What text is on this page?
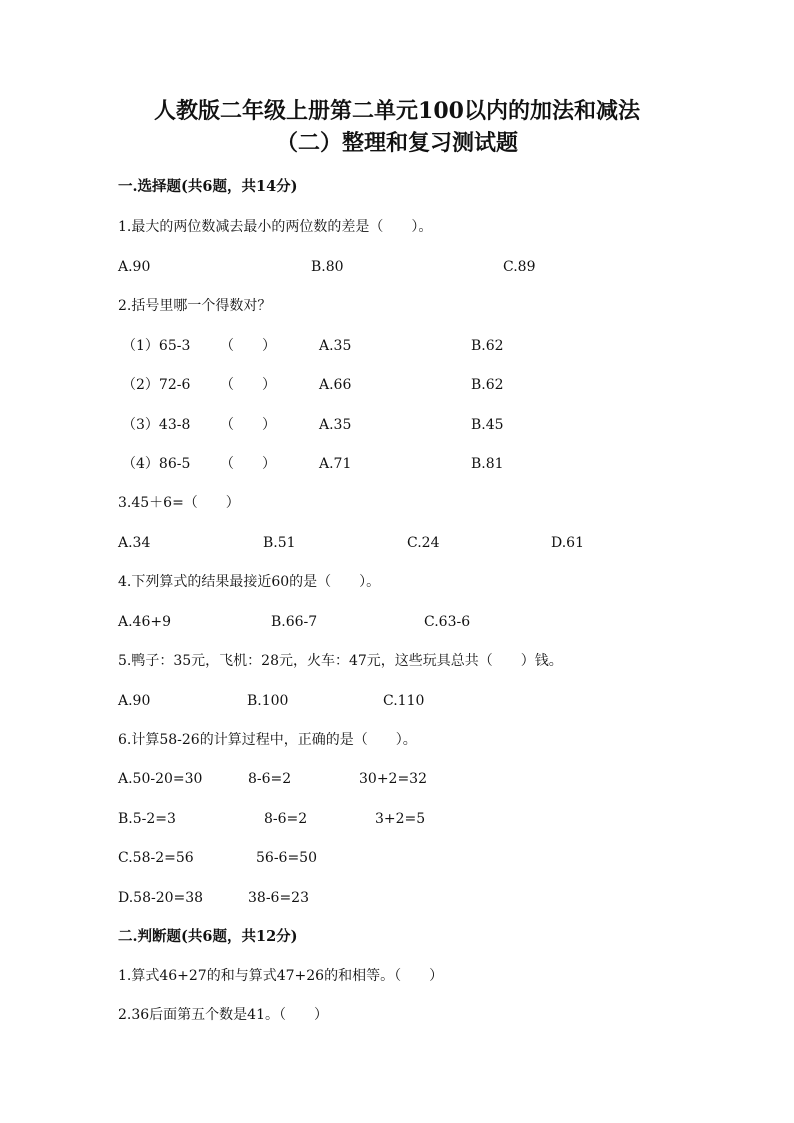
人教版二年级上册第二单元100以内的加法和减法
（二）整理和复习测试题
一.选择题(共6题，共14分)
1.最大的两位数减去最小的两位数的差是（　　）。
A.90	B.80	C.89
2.括号里哪一个得数对？
（1）65-3 （　　）	A.35	B.62
（2）72-6 （　　）	A.66	B.62
（3）43-8 （　　）	A.35	B.45
（4）86-5 （　　）	A.71	B.81
3.45＋6=（　　）
A.34	B.51	C.24	D.61
4.下列算式的结果最接近60的是（　　）。
A.46+9	B.66-7	C.63-6
5.鸭子：35元，飞机：28元，火车：47元，这些玩具总共（　　）钱。
A.90	B.100	C.110
6.计算58-26的计算过程中，正确的是（　　）。
A.50-20=30	8-6=2	30+2=32
B.5-2=3	8-6=2	3+2=5
C.58-2=56	56-6=50
D.58-20=38	38-6=23
二.判断题(共6题，共12分)
1.算式46+27的和与算式47+26的和相等。（　　）
2.36后面第五个数是41。（　　）
